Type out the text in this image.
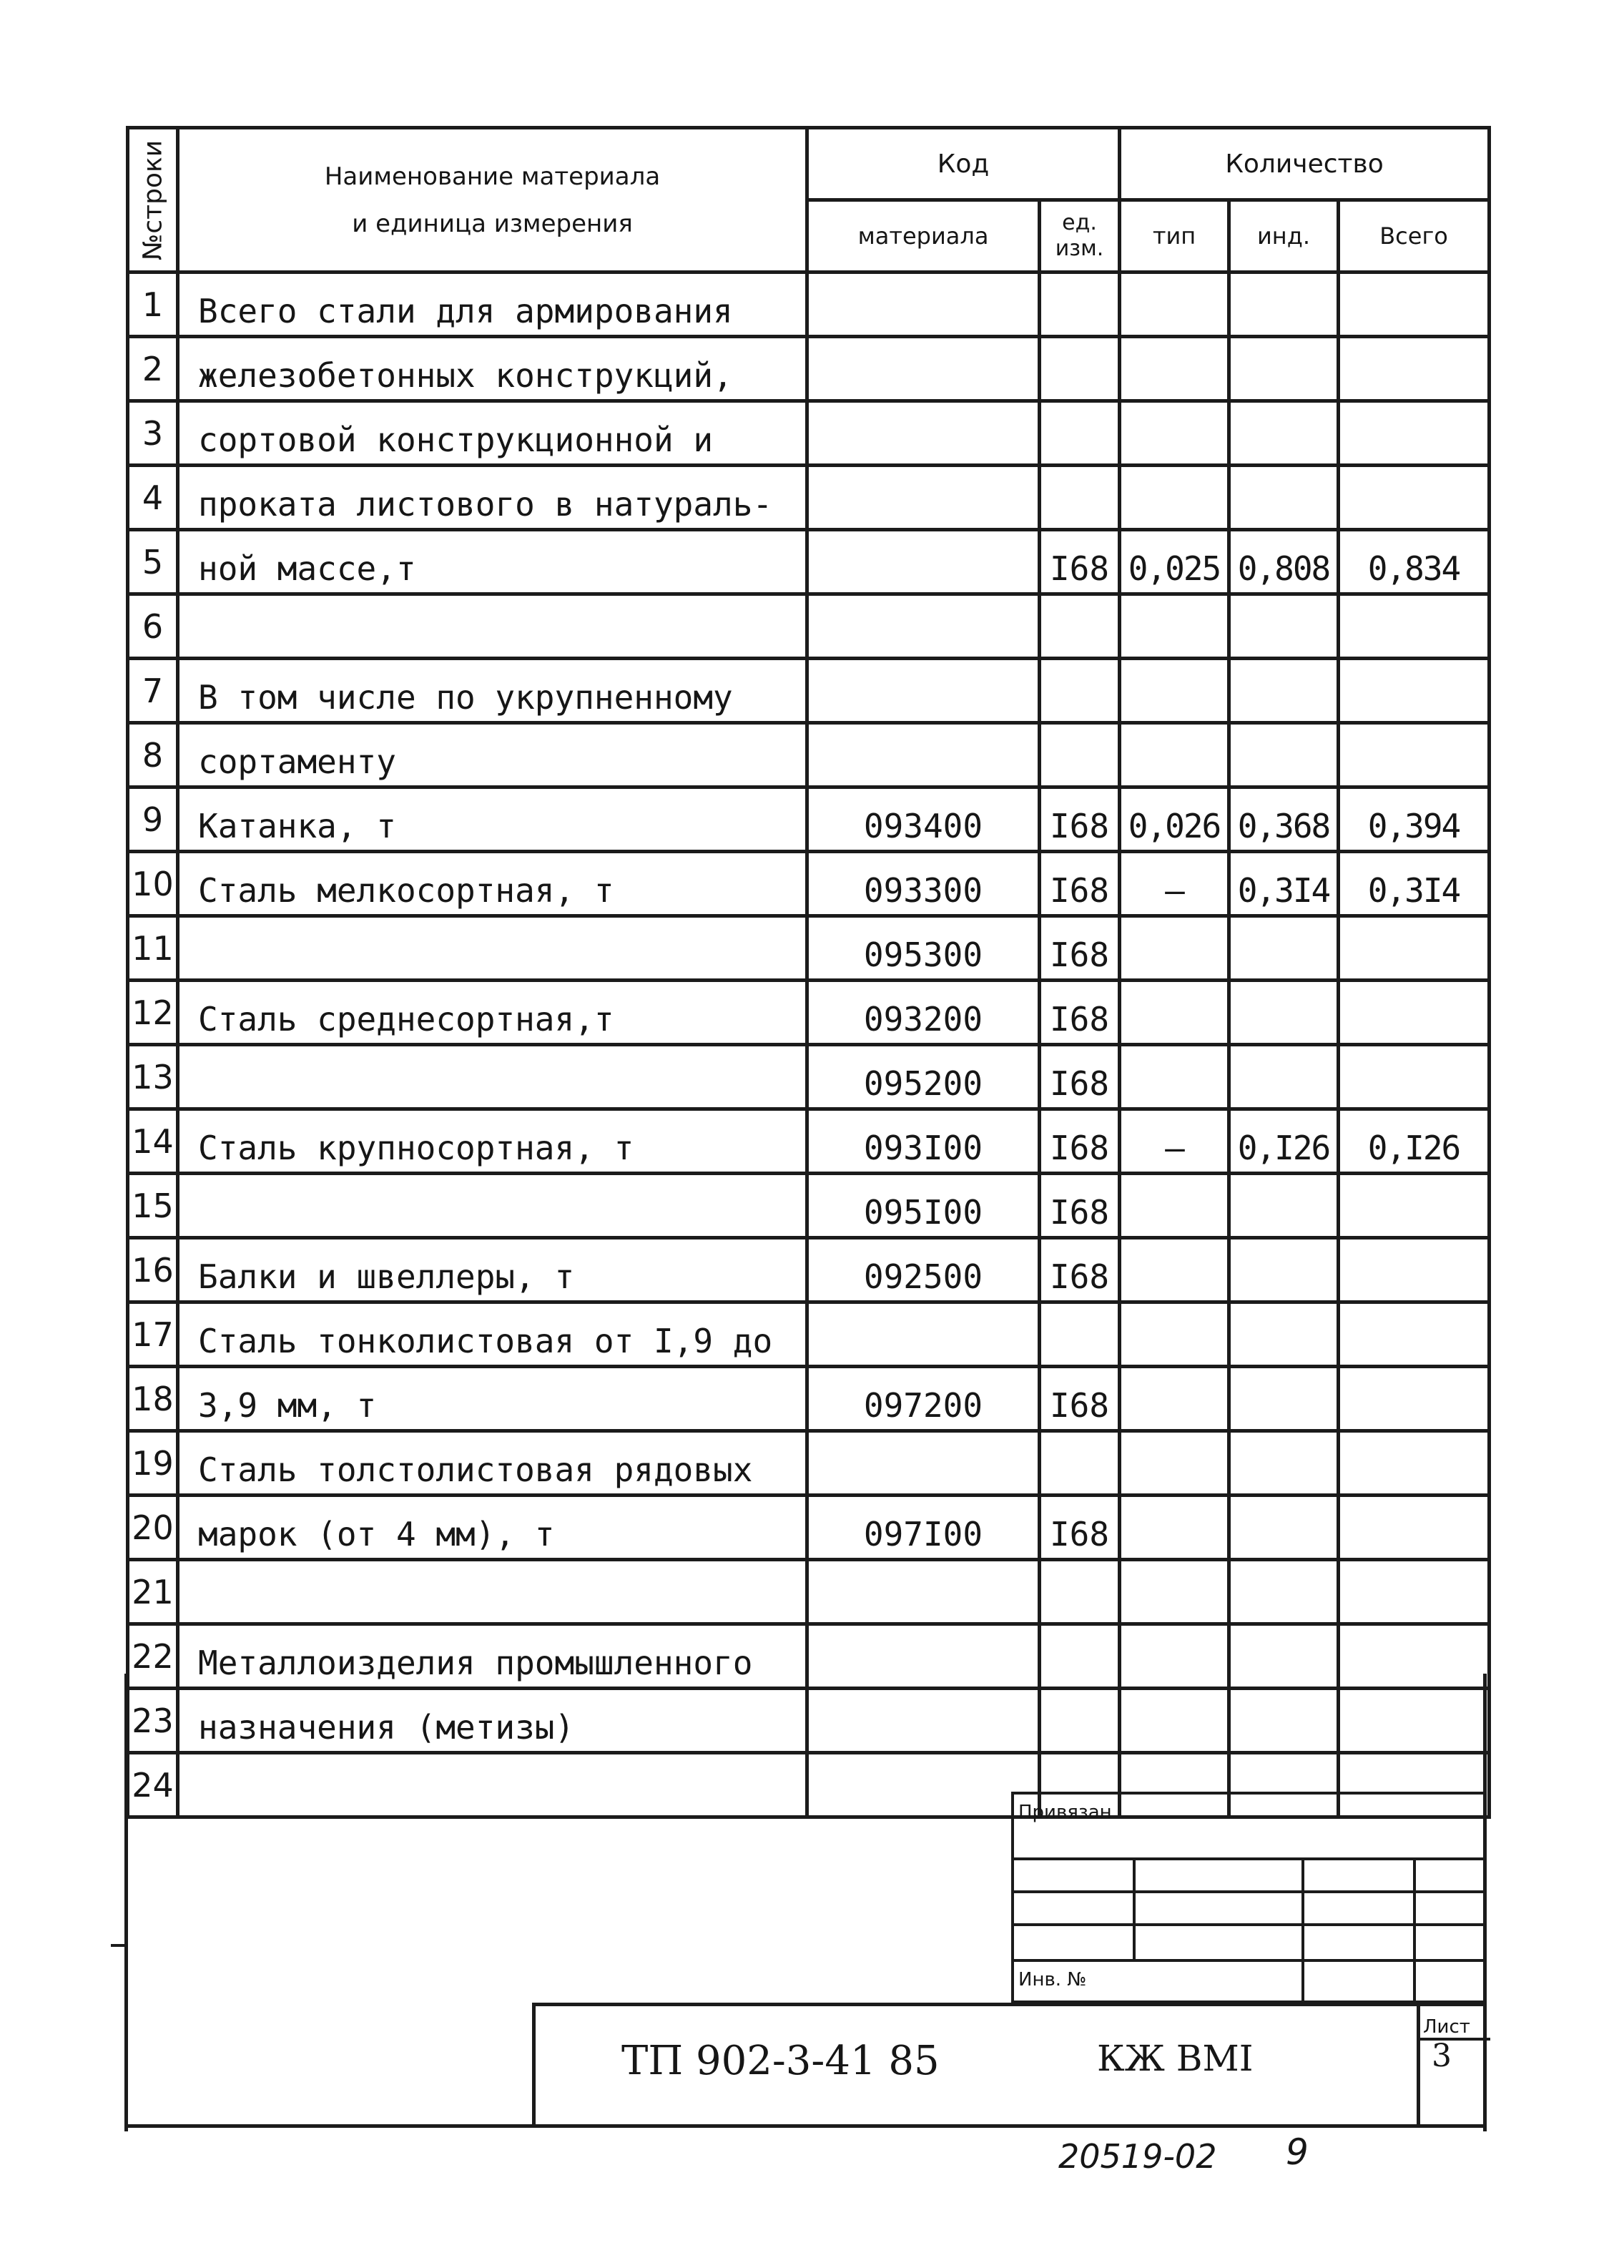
№строки	Наименование материала
и единица измерения	Код		Количество		
		материала	ед. изм.	тип	инд.	Всего
1	Всего стали для армирования					
2	железобетонных конструкций,					
3	сортовой конструкционной и					
4	проката листового в натураль-					
5	ной массе,т		I68	0,025	0,808	0,834
6						
7	В том числе по укрупненному					
8	сортаменту					
9	Катанка, т	093400	I68	0,026	0,368	0,394
10	Сталь мелкосортная, т	093300	I68	–	0,3I4	0,3I4
11		095300	I68			
12	Сталь среднесортная,т	093200	I68			
13		095200	I68			
14	Сталь крупносортная, т	093I00	I68	–	0,I26	0,I26
15		095I00	I68			
16	Балки и швеллеры, т	092500	I68			
17	Сталь тонколистовая от I,9 до					
18	3,9 мм, т	097200	I68			
19	Сталь толстолистовая рядовых					
20	марок (от 4 мм), т	097I00	I68			
21						
22	Металлоизделия промышленного					
23	назначения (метизы)					
24						
Привязан
Инв. №
ТП 902-3-41 85	КЖ ВМI
Лист
3
20519-02 9
